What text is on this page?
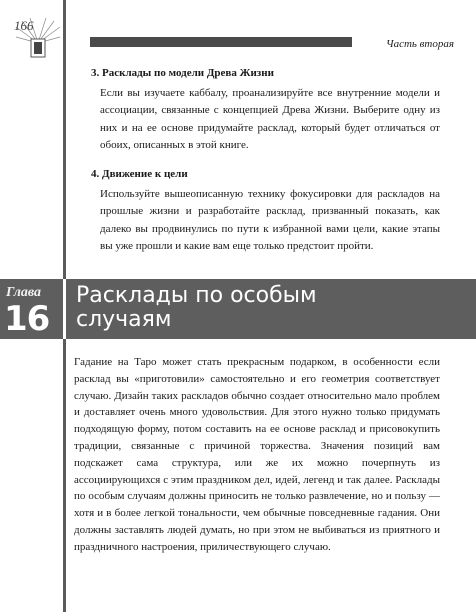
166
Часть вторая
3. Расклады по модели Древа Жизни
Если вы изучаете каббалу, проанализируйте все внутренние модели и ассоциации, связанные с концепцией Древа Жизни. Выберите одну из них и на ее основе придумайте расклад, который будет отличаться от обоих, описанных в этой книге.
4. Движение к цели
Используйте вышеописанную технику фокусировки для раскладов на прошлые жизни и разработайте расклад, призванный показать, как далеко вы продвинулись по пути к избранной вами цели, какие этапы вы уже прошли и какие вам еще только предстоит пройти.
Глава
16
Расклады по особым случаям
Гадание на Таро может стать прекрасным подарком, в особенности если расклад вы «приготовили» самостоятельно и его геометрия соответствует случаю. Дизайн таких раскладов обычно создает относительно мало проблем и доставляет очень много удовольствия. Для этого нужно только придумать подходящую форму, потом составить на ее основе расклад и присовокупить традиции, связанные с причиной торжества. Значения позиций вам подскажет сама структура, или же их можно почерпнуть из ассоциирующихся с этим праздником дел, идей, легенд и так далее. Расклады по особым случаям должны приносить не только развлечение, но и пользу — хотя и в более легкой тональности, чем обычные повседневные гадания. Они должны заставлять людей думать, но при этом не выбиваться из приятного и праздничного настроения, приличествующего случаю.
